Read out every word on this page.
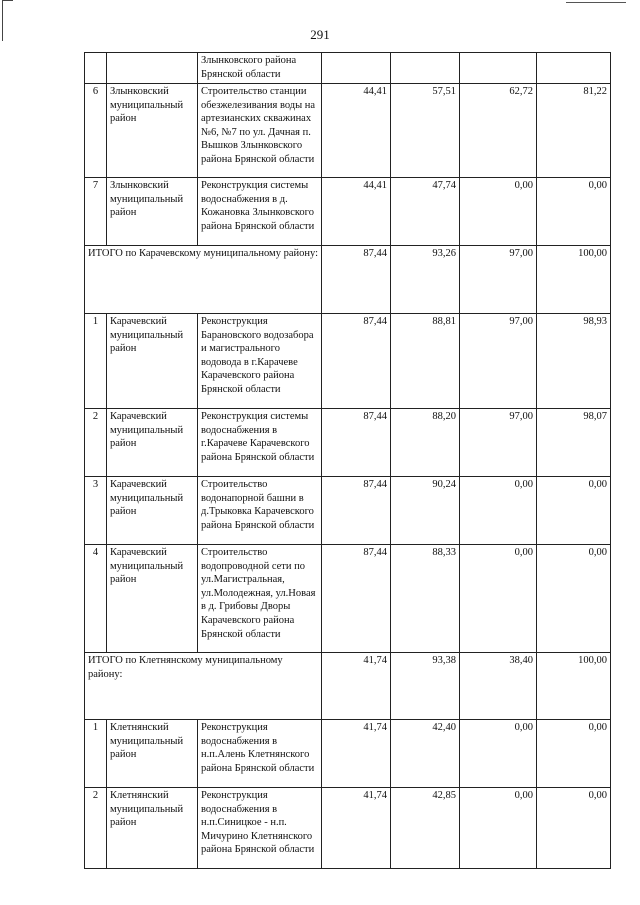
291
		Злынковского района Брянской области				
6	Злынковский муниципальный район	Строительство станции обезжелезивания воды на артезианских скважинах №6, №7 по ул. Дачная п. Вышков Злынковского района Брянской области	44,41	57,51	62,72	81,22
7	Злынковский муниципальный район	Реконструкция системы водоснабжения в д. Кожановка Злынковского района Брянской области	44,41	47,74	0,00	0,00
ИТОГО по Карачевскому муниципальному району:			87,44	93,26	97,00	100,00
1	Карачевский муниципальный район	Реконструкция Барановского водозабора и магистрального водовода в г.Карачеве Карачевского района Брянской области	87,44	88,81	97,00	98,93
2	Карачевский муниципальный район	Реконструкция системы водоснабжения в г.Карачеве Карачевского района Брянской области	87,44	88,20	97,00	98,07
3	Карачевский муниципальный район	Строительство водонапорной башни в д.Трыковка Карачевского района Брянской области	87,44	90,24	0,00	0,00
4	Карачевский муниципальный район	Строительство водопроводной сети по ул.Магистральная, ул.Молодежная, ул.Новая в д. Грибовы Дворы Карачевского района Брянской области	87,44	88,33	0,00	0,00
ИТОГО по Клетнянскому муниципальному району:			41,74	93,38	38,40	100,00
1	Клетнянский муниципальный район	Реконструкция водоснабжения в н.п.Алень Клетнянского района Брянской области	41,74	42,40	0,00	0,00
2	Клетнянский муниципальный район	Реконструкция водоснабжения в н.п.Синицкое - н.п. Мичурино Клетнянского района Брянской области	41,74	42,85	0,00	0,00
